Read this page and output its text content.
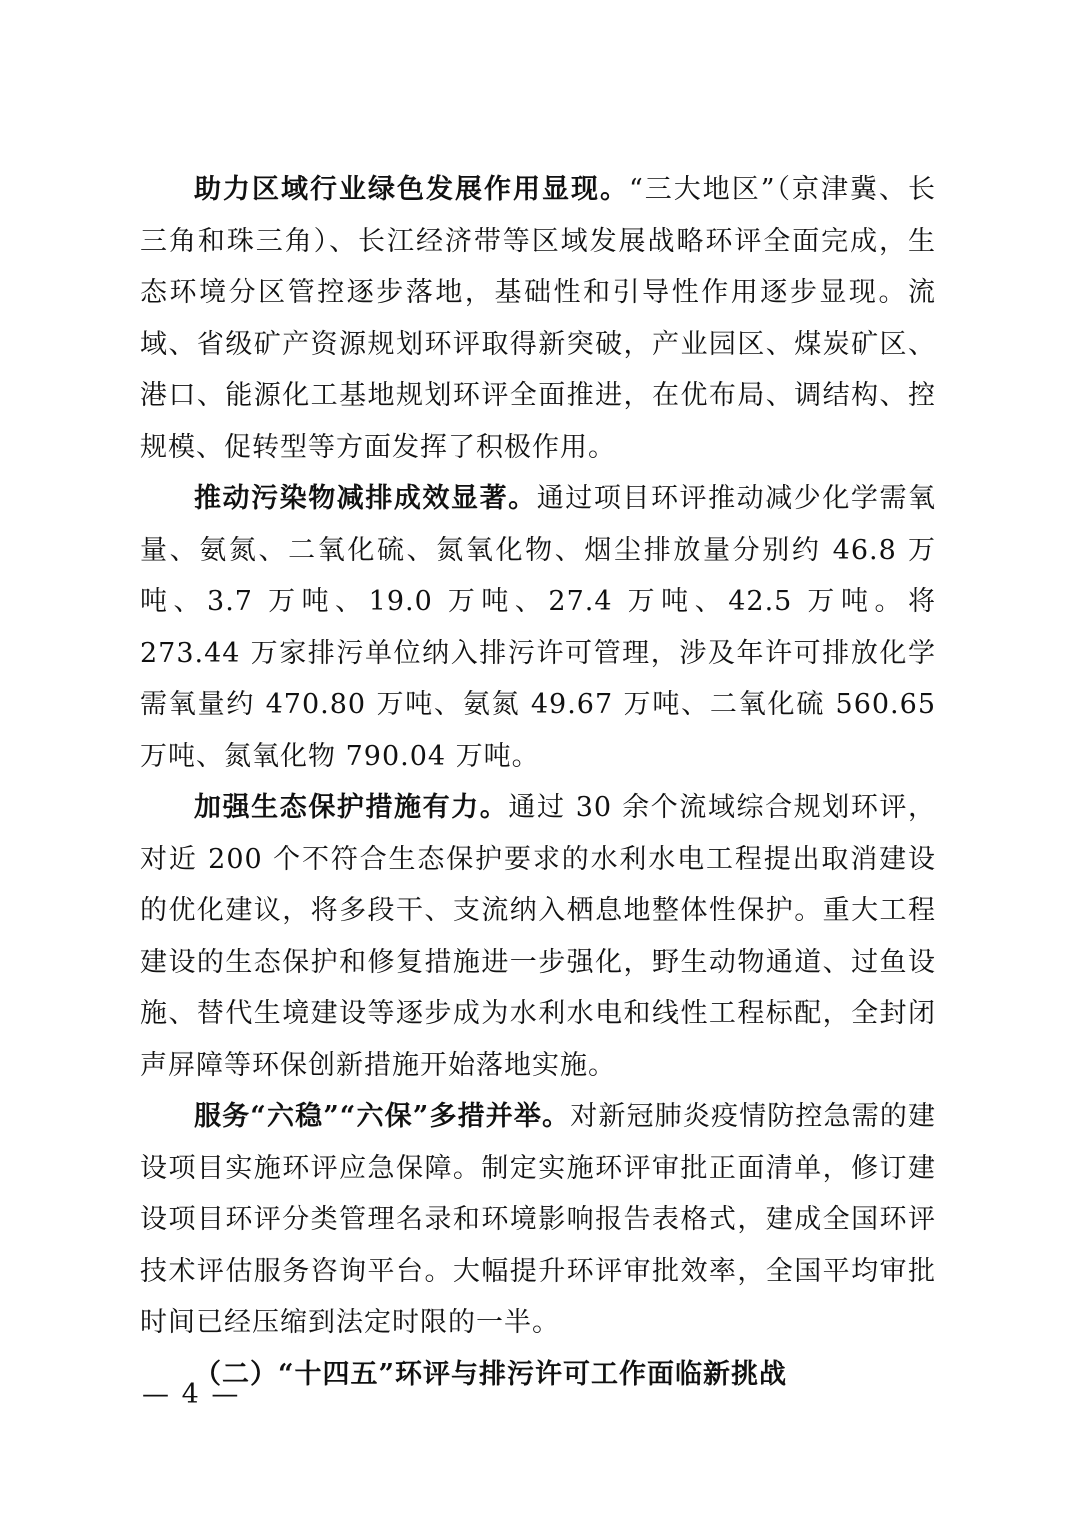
助力区域行业绿色发展作用显现。“三大地区”（京津冀、长三角和珠三角）、长江经济带等区域发展战略环评全面完成，生态环境分区管控逐步落地，基础性和引导性作用逐步显现。流域、省级矿产资源规划环评取得新突破，产业园区、煤炭矿区、港口、能源化工基地规划环评全面推进，在优布局、调结构、控规模、促转型等方面发挥了积极作用。

推动污染物减排成效显著。通过项目环评推动减少化学需氧量、氨氮、二氧化硫、氮氧化物、烟尘排放量分别约 46.8 万吨、3.7 万吨、19.0 万吨、27.4 万吨、42.5 万吨。将 273.44 万家排污单位纳入排污许可管理，涉及年许可排放化学需氧量约 470.80 万吨、氨氮 49.67 万吨、二氧化硫 560.65 万吨、氮氧化物 790.04 万吨。

加强生态保护措施有力。通过 30 余个流域综合规划环评，对近 200 个不符合生态保护要求的水利水电工程提出取消建设的优化建议，将多段干、支流纳入栖息地整体性保护。重大工程建设的生态保护和修复措施进一步强化，野生动物通道、过鱼设施、替代生境建设等逐步成为水利水电和线性工程标配，全封闭声屏障等环保创新措施开始落地实施。

服务“六稳”“六保”多措并举。对新冠肺炎疫情防控急需的建设项目实施环评应急保障。制定实施环评审批正面清单，修订建设项目环评分类管理名录和环境影响报告表格式，建成全国环评技术评估服务咨询平台。大幅提升环评审批效率，全国平均审批时间已经压缩到法定时限的一半。

（二）“十四五”环评与排污许可工作面临新挑战

— 4 —
